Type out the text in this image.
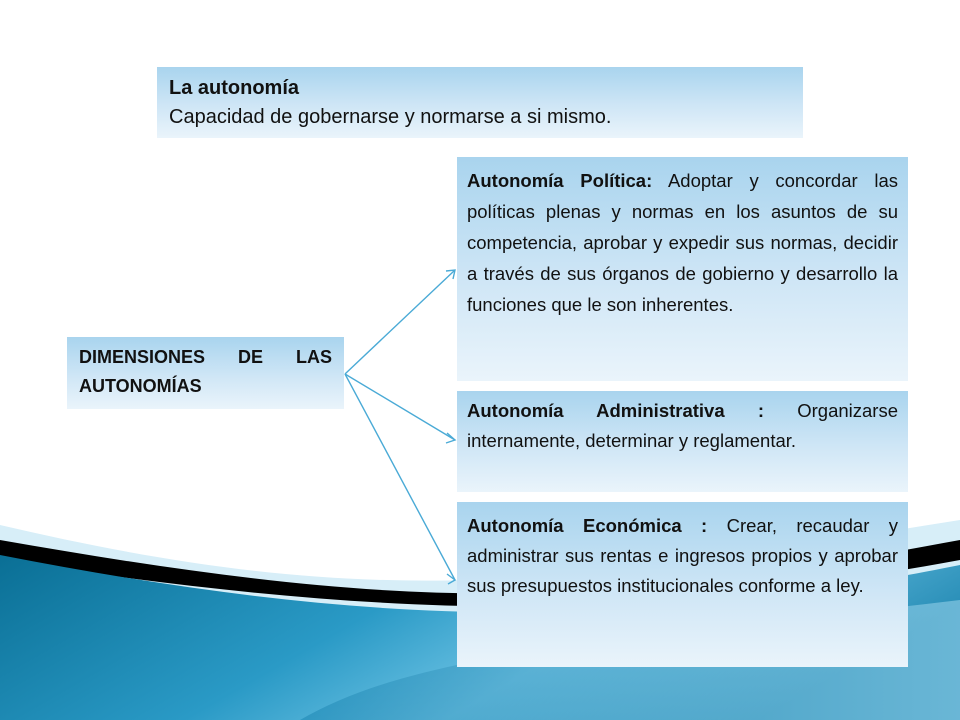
La autonomía
Capacidad de gobernarse y normarse a si mismo.
DIMENSIONES DE LAS AUTONOMÍAS
Autonomía Política: Adoptar y concordar las políticas plenas y normas en los asuntos de su competencia, aprobar y expedir sus normas, decidir a través de sus órganos de gobierno y desarrollo la funciones que le son inherentes.
Autonomía Administrativa : Organizarse internamente, determinar y reglamentar.
Autonomía Económica : Crear, recaudar y administrar sus rentas e ingresos propios y aprobar sus presupuestos institucionales conforme a ley.
